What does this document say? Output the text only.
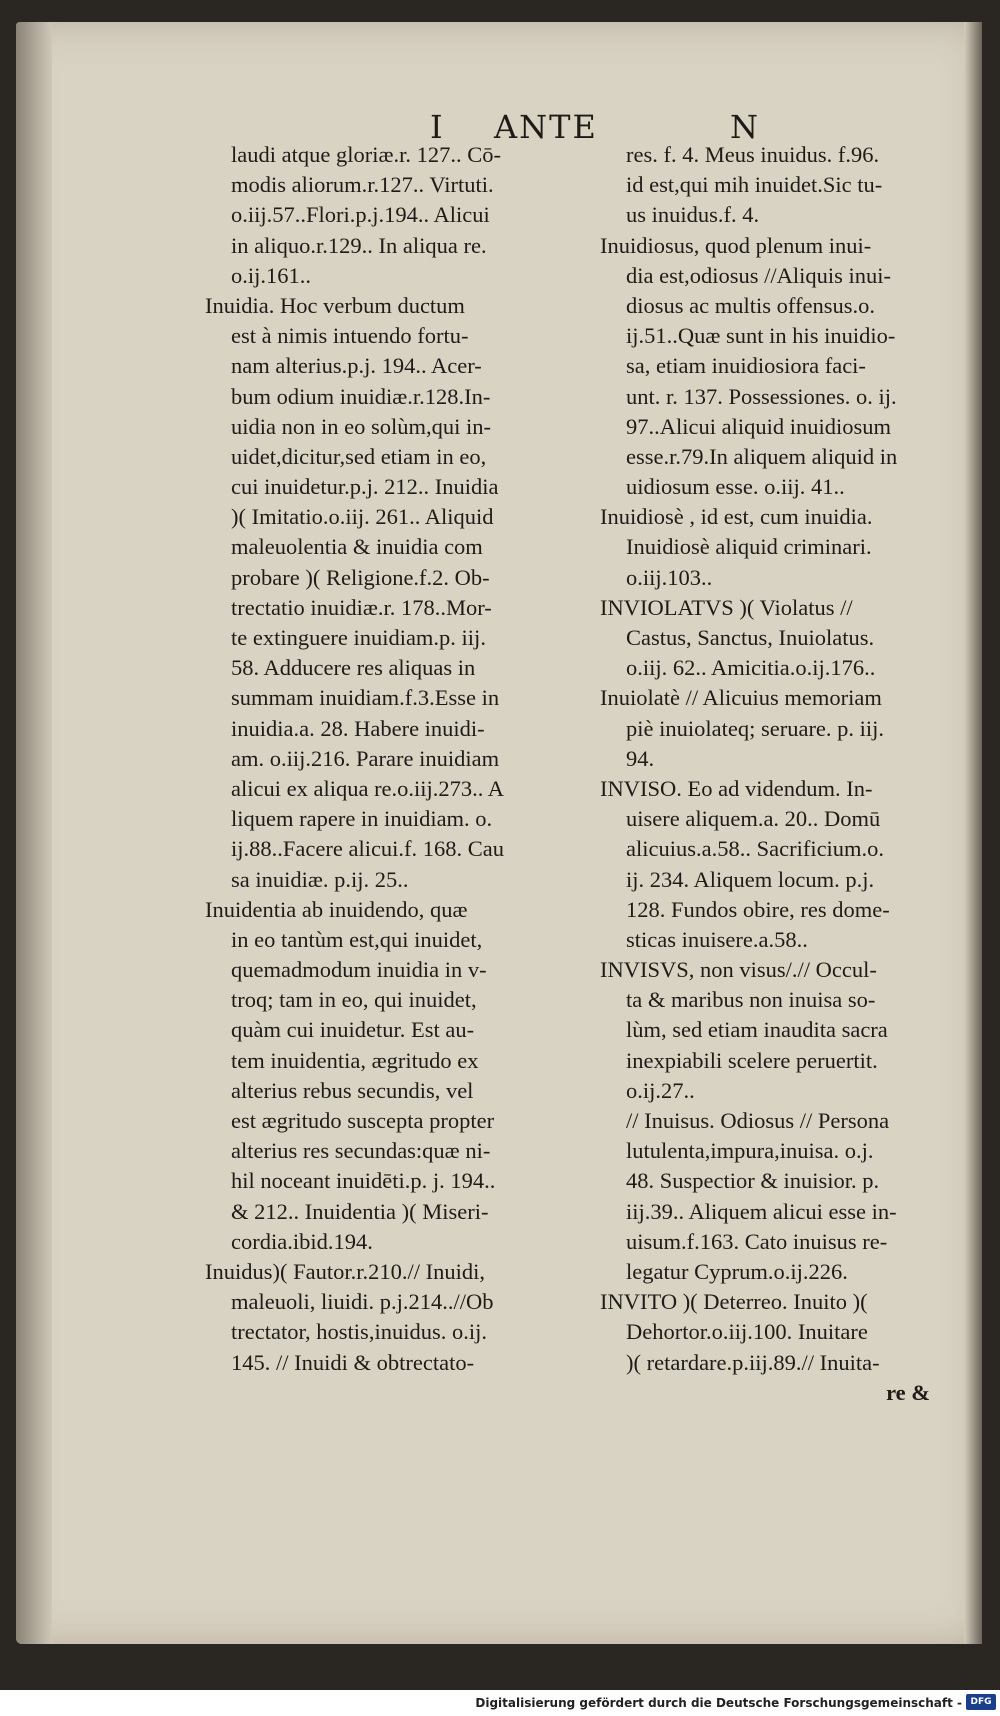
I ANTE	N
laudi atque gloriæ.r. 127.. Cō-
modis aliorum.r.127.. Virtuti.
o.iij.57..Flori.p.j.194.. Alicui
in aliquo.r.129.. In aliqua re.
o.ij.161..
Inuidia. Hoc verbum ductum
est à nimis intuendo fortu-
nam alterius.p.j. 194.. Acer-
bum odium inuidiæ.r.128.In-
uidia non in eo solùm,qui in-
uidet,dicitur,sed etiam in eo,
cui inuidetur.p.j. 212.. Inuidia
)( Imitatio.o.iij. 261.. Aliquid
maleuolentia & inuidia com
probare )( Religione.f.2. Ob-
trectatio inuidiæ.r. 178..Mor-
te extinguere inuidiam.p. iij.
58. Adducere res aliquas in
summam inuidiam.f.3.Esse in
inuidia.a. 28. Habere inuidi-
am. o.iij.216. Parare inuidiam
alicui ex aliqua re.o.iij.273.. A
liquem rapere in inuidiam. o.
ij.88..Facere alicui.f. 168. Cau
sa inuidiæ. p.ij. 25..
Inuidentia ab inuidendo, quæ
in eo tantùm est,qui inuidet,
quemadmodum inuidia in v-
troq; tam in eo, qui inuidet,
quàm cui inuidetur. Est au-
tem inuidentia, ægritudo ex
alterius rebus secundis, vel
est ægritudo suscepta propter
alterius res secundas:quæ ni-
hil noceant inuidēti.p. j. 194..
& 212.. Inuidentia )( Miseri-
cordia.ibid.194.
Inuidus)( Fautor.r.210.// Inuidi,
maleuoli, liuidi. p.j.214..//Ob
trectator, hostis,inuidus. o.ij.
145. // Inuidi & obtrectato-
res. f. 4. Meus inuidus. f.96.
id est,qui mih inuidet.Sic tu-
us inuidus.f. 4.
Inuidiosus, quod plenum inui-
dia est,odiosus //Aliquis inui-
diosus ac multis offensus.o.
ij.51..Quæ sunt in his inuidio-
sa, etiam inuidiosiora faci-
unt. r. 137. Possessiones. o. ij.
97..Alicui aliquid inuidiosum
esse.r.79.In aliquem aliquid in
uidiosum esse. o.iij. 41..
Inuidiosè , id est, cum inuidia.
Inuidiosè aliquid criminari.
o.iij.103..
INVIOLATVS )( Violatus //
Castus, Sanctus, Inuiolatus.
o.iij. 62.. Amicitia.o.ij.176..
Inuiolatè // Alicuius memoriam
piè inuiolateq; seruare. p. iij.
94.
INVISO. Eo ad videndum. In-
uisere aliquem.a. 20.. Domū
alicuius.a.58.. Sacrificium.o.
ij. 234. Aliquem locum. p.j.
128. Fundos obire, res dome-
sticas inuisere.a.58..
INVISVS, non visus/.// Occul-
ta & maribus non inuisa so-
lùm, sed etiam inaudita sacra
inexpiabili scelere peruertit.
o.ij.27..
// Inuisus. Odiosus // Persona
lutulenta,impura,inuisa. o.j.
48. Suspectior & inuisior. p.
iij.39.. Aliquem alicui esse in-
uisum.f.163. Cato inuisus re-
legatur Cyprum.o.ij.226.
INVITO )( Deterreo. Inuito )(
Dehortor.o.iij.100. Inuitare
)( retardare.p.iij.89.// Inuita-
re &
Digitalisierung gefördert durch die Deutsche Forschungsgemeinschaft - DFG
